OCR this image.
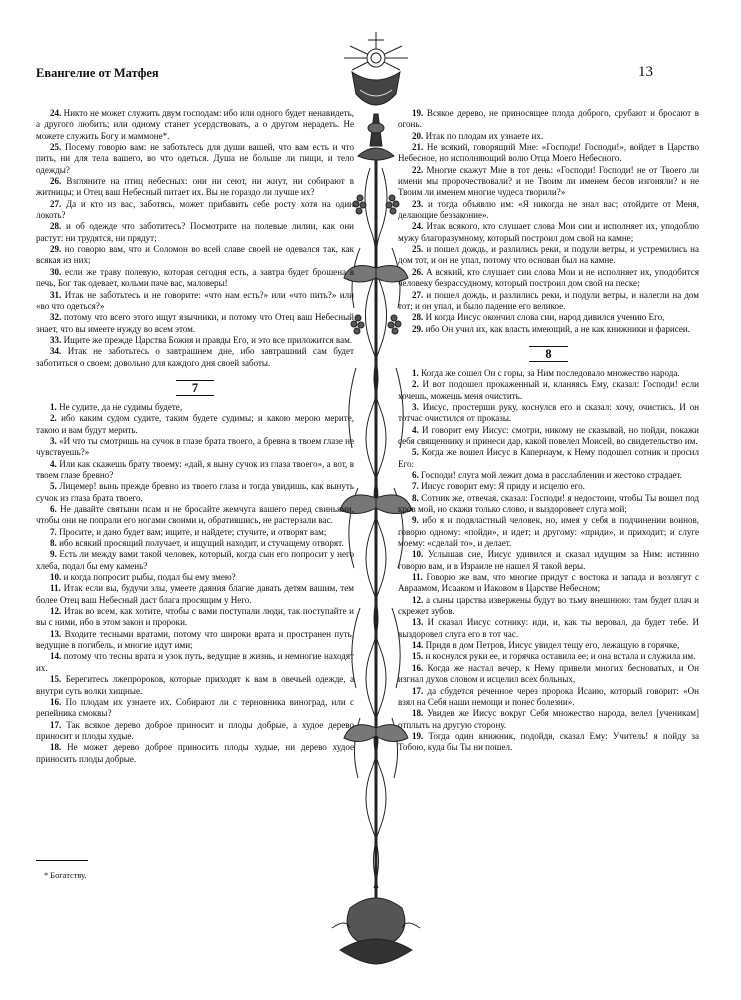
Евангелие от Матфея	13

24. Никто не может служить двум господам: ибо или одного будет ненавидеть, а другого любить; или одному станет усердствовать, а о другом нерадеть. Не можете служить Богу и маммоне*.

25. Посему говорю вам: не заботьтесь для души вашей, что вам есть и что пить, ни для тела вашего, во что одеться. Душа не больше ли пищи, и тело одежды?

26. Взгляните на птиц небесных: они ни сеют, ни жнут, ни собирают в житницы; и Отец ваш Небесный питает их. Вы не гораздо ли лучше их?

27. Да и кто из вас, заботясь, может прибавить себе росту хотя на один локоть?

28. и об одежде что заботитесь? Посмотрите на полевые лилии, как они растут: ни трудятся, ни прядут;

29. но говорю вам, что и Соломон во всей славе своей не одевался так, как всякая из них;

30. если же траву полевую, которая сегодня есть, а завтра будет брошена в печь, Бог так одевает, кольми паче вас, маловеры!

31. Итак не заботьтесь и не говорите: «что нам есть?» или «что пить?» или «во что одеться?»

32. потому что всего этого ищут язычники, и потому что Отец ваш Небесный знает, что вы имеете нужду во всем этом.

33. Ищите же прежде Царства Божия и правды Его, и это все приложится вам.

34. Итак не заботьтесь о завтрашнем дне, ибо завтрашний сам будет заботиться о своем: довольно для каждого дня своей заботы.

7

1. Не судите, да не судимы будете,

2. ибо каким судом судите, таким будете судимы; и какою мерою мерите, такою и вам будут мерить.

3. «И что ты смотришь на сучок в глазе брата твоего, а бревна в твоем глазе не чувствуешь?»

4. Или как скажешь брату твоему: «дай, я выну сучок из глаза твоего», а вот, в твоем глазе бревно?

5. Лицемер! вынь прежде бревно из твоего глаза и тогда увидишь, как вынуть сучок из глаза брата твоего.

6. Не давайте святыни псам и не бросайте жемчуга вашего перед свиньями, чтобы они не попрали его ногами своими и, обратившись, не растерзали вас.

7. Просите, и дано будет вам; ищите, и найдете; стучите, и отворят вам;

8. ибо всякий просящий получает, и ищущий находит, и стучащему отворят.

9. Есть ли между вами такой человек, который, когда сын его попросит у него хлеба, подал бы ему камень?

10. и когда попросит рыбы, подал бы ему змею?

11. Итак если вы, будучи злы, умеете даяния благие давать детям вашим, тем более Отец ваш Небесный даст блага просящим у Него.

12. Итак во всем, как хотите, чтобы с вами поступали люди, так поступайте и вы с ними, ибо в этом закон и пророки.

13. Входите тесными вратами, потому что широки врата и пространен путь, ведущие в погибель, и многие идут ими;

14. потому что тесны врата и узок путь, ведущие в жизнь, и немногие находят их.

15. Берегитесь лжепророков, которые приходят к вам в овечьей одежде, а внутри суть волки хищные.

16. По плодам их узнаете их. Собирают ли с терновника виноград, или с репейника смоквы?

17. Так всякое дерево доброе приносит и плоды добрые, а худое дерево приносит и плоды худые.

18. Не может дерево доброе приносить плоды худые, ни дерево худое приносить плоды добрые.

19. Всякое дерево, не приносящее плода доброго, срубают и бросают в огонь.

20. Итак по плодам их узнаете их.

21. Не всякий, говорящий Мне: «Господи! Господи!», войдет в Царство Небесное, но исполняющий волю Отца Моего Небесного.

22. Многие скажут Мне в тот день: «Господи! Господи! не от Твоего ли имени мы пророчествовали? и не Твоим ли именем бесов изгоняли? и не Твоим ли именем многие чудеса творили?»

23. и тогда объявлю им: «Я никогда не знал вас; отойдите от Меня, делающие беззаконие».

24. Итак всякого, кто слушает слова Мои сии и исполняет их, уподоблю мужу благоразумному, который построил дом свой на камне;

25. и пошел дождь, и разлились реки, и подули ветры, и устремились на дом тот, и он не упал, потому что основан был на камне.

26. А всякий, кто слушает сии слова Мои и не исполняет их, уподобится человеку безрассудному, который построил дом свой на песке;

27. и пошел дождь, и разлились реки, и подули ветры, и налегли на дом тот; и он упал, и было падение его великое.

28. И когда Иисус окончил слова сии, народ дивился учению Его,

29. ибо Он учил их, как власть имеющий, а не как книжники и фарисеи.

8

1. Когда же сошел Он с горы, за Ним последовало множество народа.

2. И вот подошел прокаженный и, кланяясь Ему, сказал: Господи! если хочешь, можешь меня очистить.

3. Иисус, простерши руку, коснулся его и сказал: хочу, очистись. И он тотчас очистился от проказы.

4. И говорит ему Иисус: смотри, никому не сказывай, но пойди, покажи себя священнику и принеси дар, какой повелел Моисей, во свидетельство им.

5. Когда же вошел Иисус в Капернаум, к Нему подошел сотник и просил Его:

6. Господи! слуга мой лежит дома в расслаблении и жестоко страдает.

7. Иисус говорит ему: Я приду и исцелю его.

8. Сотник же, отвечая, сказал: Господи! я недостоин, чтобы Ты вошел под кров мой, но скажи только слово, и выздоровеет слуга мой;

9. ибо я и подвластный человек, но, имея у себя в подчинении воинов, говорю одному: «пойди», и идет; и другому: «приди», и приходит; и слуге моему: «сделай то», и делает.

10. Услышав сие, Иисус удивился и сказал идущим за Ним: истинно говорю вам, и в Израиле не нашел Я такой веры.

11. Говорю же вам, что многие придут с востока и запада и возлягут с Авраамом, Исааком и Иаковом в Царстве Небесном;

12. а сыны царства извержены будут во тьму внешнюю: там будет плач и скрежет зубов.

13. И сказал Иисус сотнику: иди, и, как ты веровал, да будет тебе. И выздоровел слуга его в тот час.

14. Придя в дом Петров, Иисус увидел тещу его, лежащую в горячке,

15. и коснулся руки ее, и горячка оставила ее; и она встала и служила им.

16. Когда же настал вечер, к Нему привели многих бесноватых, и Он изгнал духов словом и исцелил всех больных,

17. да сбудется реченное через пророка Исаию, который говорит: «Он взял на Себя наши немощи и понес болезни».

18. Увидев же Иисус вокруг Себя множество народа, велел [ученикам] отплыть на другую сторону.

19. Тогда один книжник, подойдя, сказал Ему: Учитель! я пойду за Тобою, куда бы Ты ни пошел.

* Богатству.
